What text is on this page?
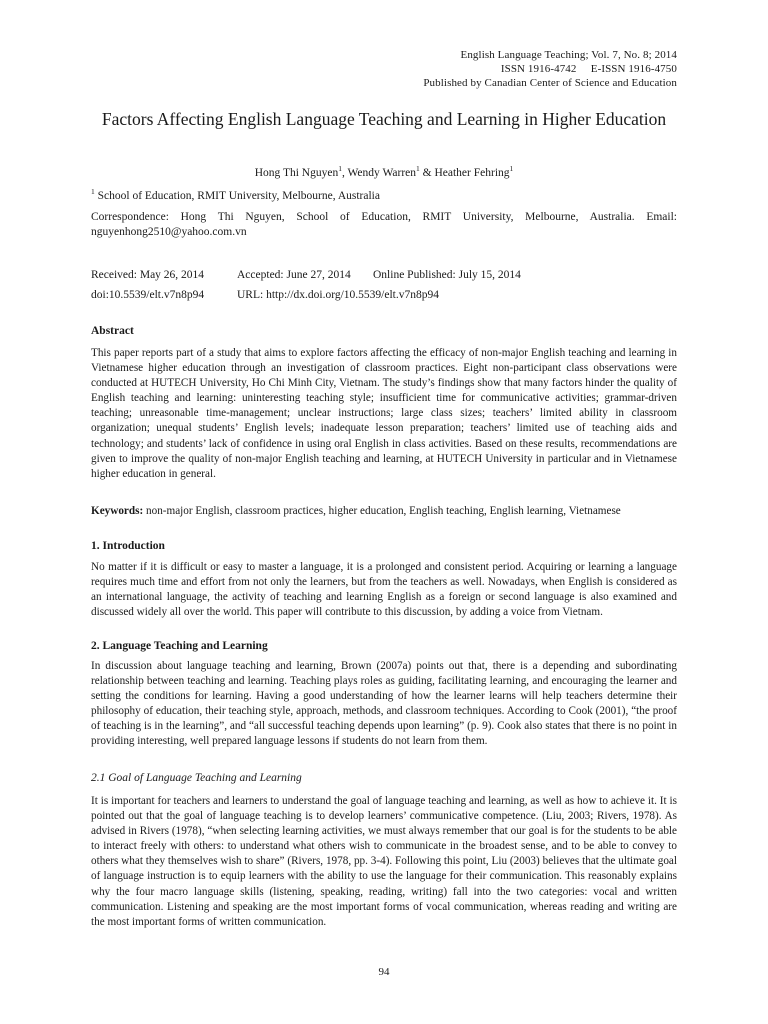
English Language Teaching; Vol. 7, No. 8; 2014
ISSN 1916-4742     E-ISSN 1916-4750
Published by Canadian Center of Science and Education
Factors Affecting English Language Teaching and Learning in Higher Education
Hong Thi Nguyen$^1$, Wendy Warren$^1$ & Heather Fehring$^1$
$^1$ School of Education, RMIT University, Melbourne, Australia
Correspondence: Hong Thi Nguyen, School of Education, RMIT University, Melbourne, Australia. Email: nguyenhong2510@yahoo.com.vn
Received: May 26, 2014	Accepted: June 27, 2014 Online Published: July 15, 2014
doi:10.5539/elt.v7n8p94	URL: http://dx.doi.org/10.5539/elt.v7n8p94
Abstract
This paper reports part of a study that aims to explore factors affecting the efficacy of non-major English teaching and learning in Vietnamese higher education through an investigation of classroom practices. Eight non-participant class observations were conducted at HUTECH University, Ho Chi Minh City, Vietnam. The study’s findings show that many factors hinder the quality of English teaching and learning: uninteresting teaching style; insufficient time for communicative activities; grammar-driven teaching; unreasonable time-management; unclear instructions; large class sizes; teachers’ limited ability in classroom organization; unequal students’ English levels; inadequate lesson preparation; teachers’ limited use of teaching aids and technology; and students’ lack of confidence in using oral English in class activities. Based on these results, recommendations are given to improve the quality of non-major English teaching and learning, at HUTECH University in particular and in Vietnamese higher education in general.
Keywords: non-major English, classroom practices, higher education, English teaching, English learning, Vietnamese
1. Introduction
No matter if it is difficult or easy to master a language, it is a prolonged and consistent period. Acquiring or learning a language requires much time and effort from not only the learners, but from the teachers as well. Nowadays, when English is considered as an international language, the activity of teaching and learning English as a foreign or second language is also examined and discussed widely all over the world. This paper will contribute to this discussion, by adding a voice from Vietnam.
2. Language Teaching and Learning
In discussion about language teaching and learning, Brown (2007a) points out that, there is a depending and subordinating relationship between teaching and learning. Teaching plays roles as guiding, facilitating learning, and encouraging the learner and setting the conditions for learning. Having a good understanding of how the learner learns will help teachers determine their philosophy of education, their teaching style, approach, methods, and classroom techniques. According to Cook (2001), “the proof of teaching is in the learning”, and “all successful teaching depends upon learning” (p. 9). Cook also states that there is no point in providing interesting, well prepared language lessons if students do not learn from them.
2.1 Goal of Language Teaching and Learning
It is important for teachers and learners to understand the goal of language teaching and learning, as well as how to achieve it. It is pointed out that the goal of language teaching is to develop learners’ communicative competence. (Liu, 2003; Rivers, 1978). As advised in Rivers (1978), “when selecting learning activities, we must always remember that our goal is for the students to be able to interact freely with others: to understand what others wish to communicate in the broadest sense, and to be able to convey to others what they themselves wish to share” (Rivers, 1978, pp. 3-4). Following this point, Liu (2003) believes that the ultimate goal of language instruction is to equip learners with the ability to use the language for their communication. This reasonably explains why the four macro language skills (listening, speaking, reading, writing) fall into the two categories: vocal and written communication. Listening and speaking are the most important forms of vocal communication, whereas reading and writing are the most important forms of written communication.
94
